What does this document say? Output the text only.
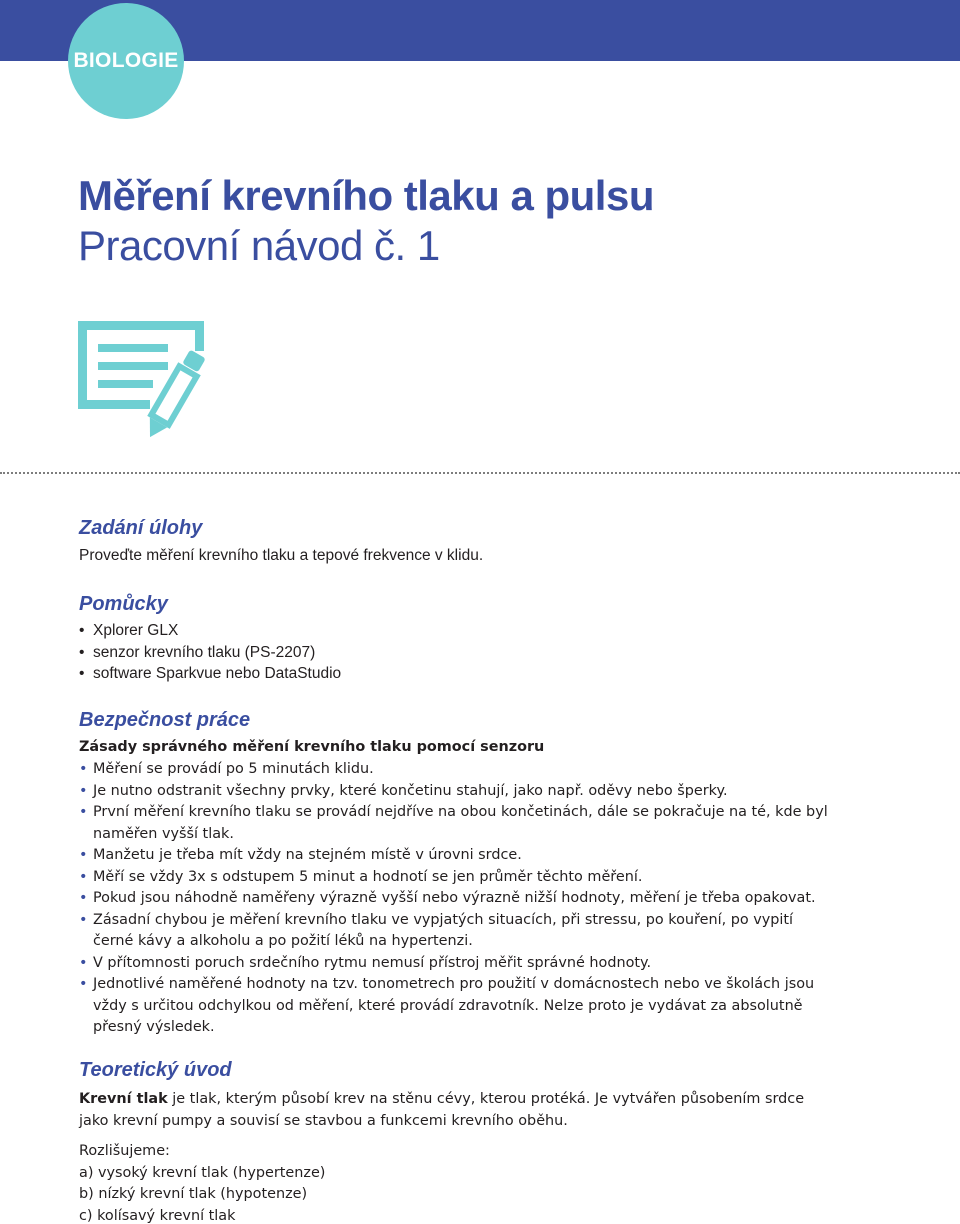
BIOLOGIE
Měření krevního tlaku a pulsu
Pracovní návod č. 1
Zadání úlohy

Proveďte měření krevního tlaku a tepové frekvence v klidu.

Pomůcky
• Xplorer GLX
• senzor krevního tlaku (PS-2207)
• software Sparkvue nebo DataStudio
Bezpečnost práce
Zásady správného měření krevního tlaku pomocí senzoru
• Měření se provádí po 5 minutách klidu.
• Je nutno odstranit všechny prvky, které končetinu stahují, jako např. oděvy nebo šperky.
• První měření krevního tlaku se provádí nejdříve na obou končetinách, dále se pokračuje na té, kde byl naměřen vyšší tlak.
• Manžetu je třeba mít vždy na stejném místě v úrovni srdce.
• Měří se vždy 3x s odstupem 5 minut a hodnotí se jen průměr těchto měření.
• Pokud jsou náhodně naměřeny výrazně vyšší nebo výrazně nižší hodnoty, měření je třeba opakovat.
• Zásadní chybou je měření krevního tlaku ve vypjatých situacích, při stressu, po kouření, po vypití černé kávy a alkoholu a po požití léků na hypertenzi.
• V přítomnosti poruch srdečního rytmu nemusí přístroj měřit správné hodnoty.
• Jednotlivé naměřené hodnoty na tzv. tonometrech pro použití v domácnostech nebo ve školách jsou vždy s určitou odchylkou od měření, které provádí zdravotník. Nelze proto je vydávat za absolutně přesný výsledek.
Teoretický úvod

Krevní tlak je tlak, kterým působí krev na stěnu cévy, kterou protéká. Je vytvářen působením srdce jako krevní pumpy a souvisí se stavbou a funkcemi krevního oběhu.

Rozlišujeme:
a) vysoký krevní tlak (hypertenze)
b) nízký krevní tlak (hypotenze)
c) kolísavý krevní tlak
